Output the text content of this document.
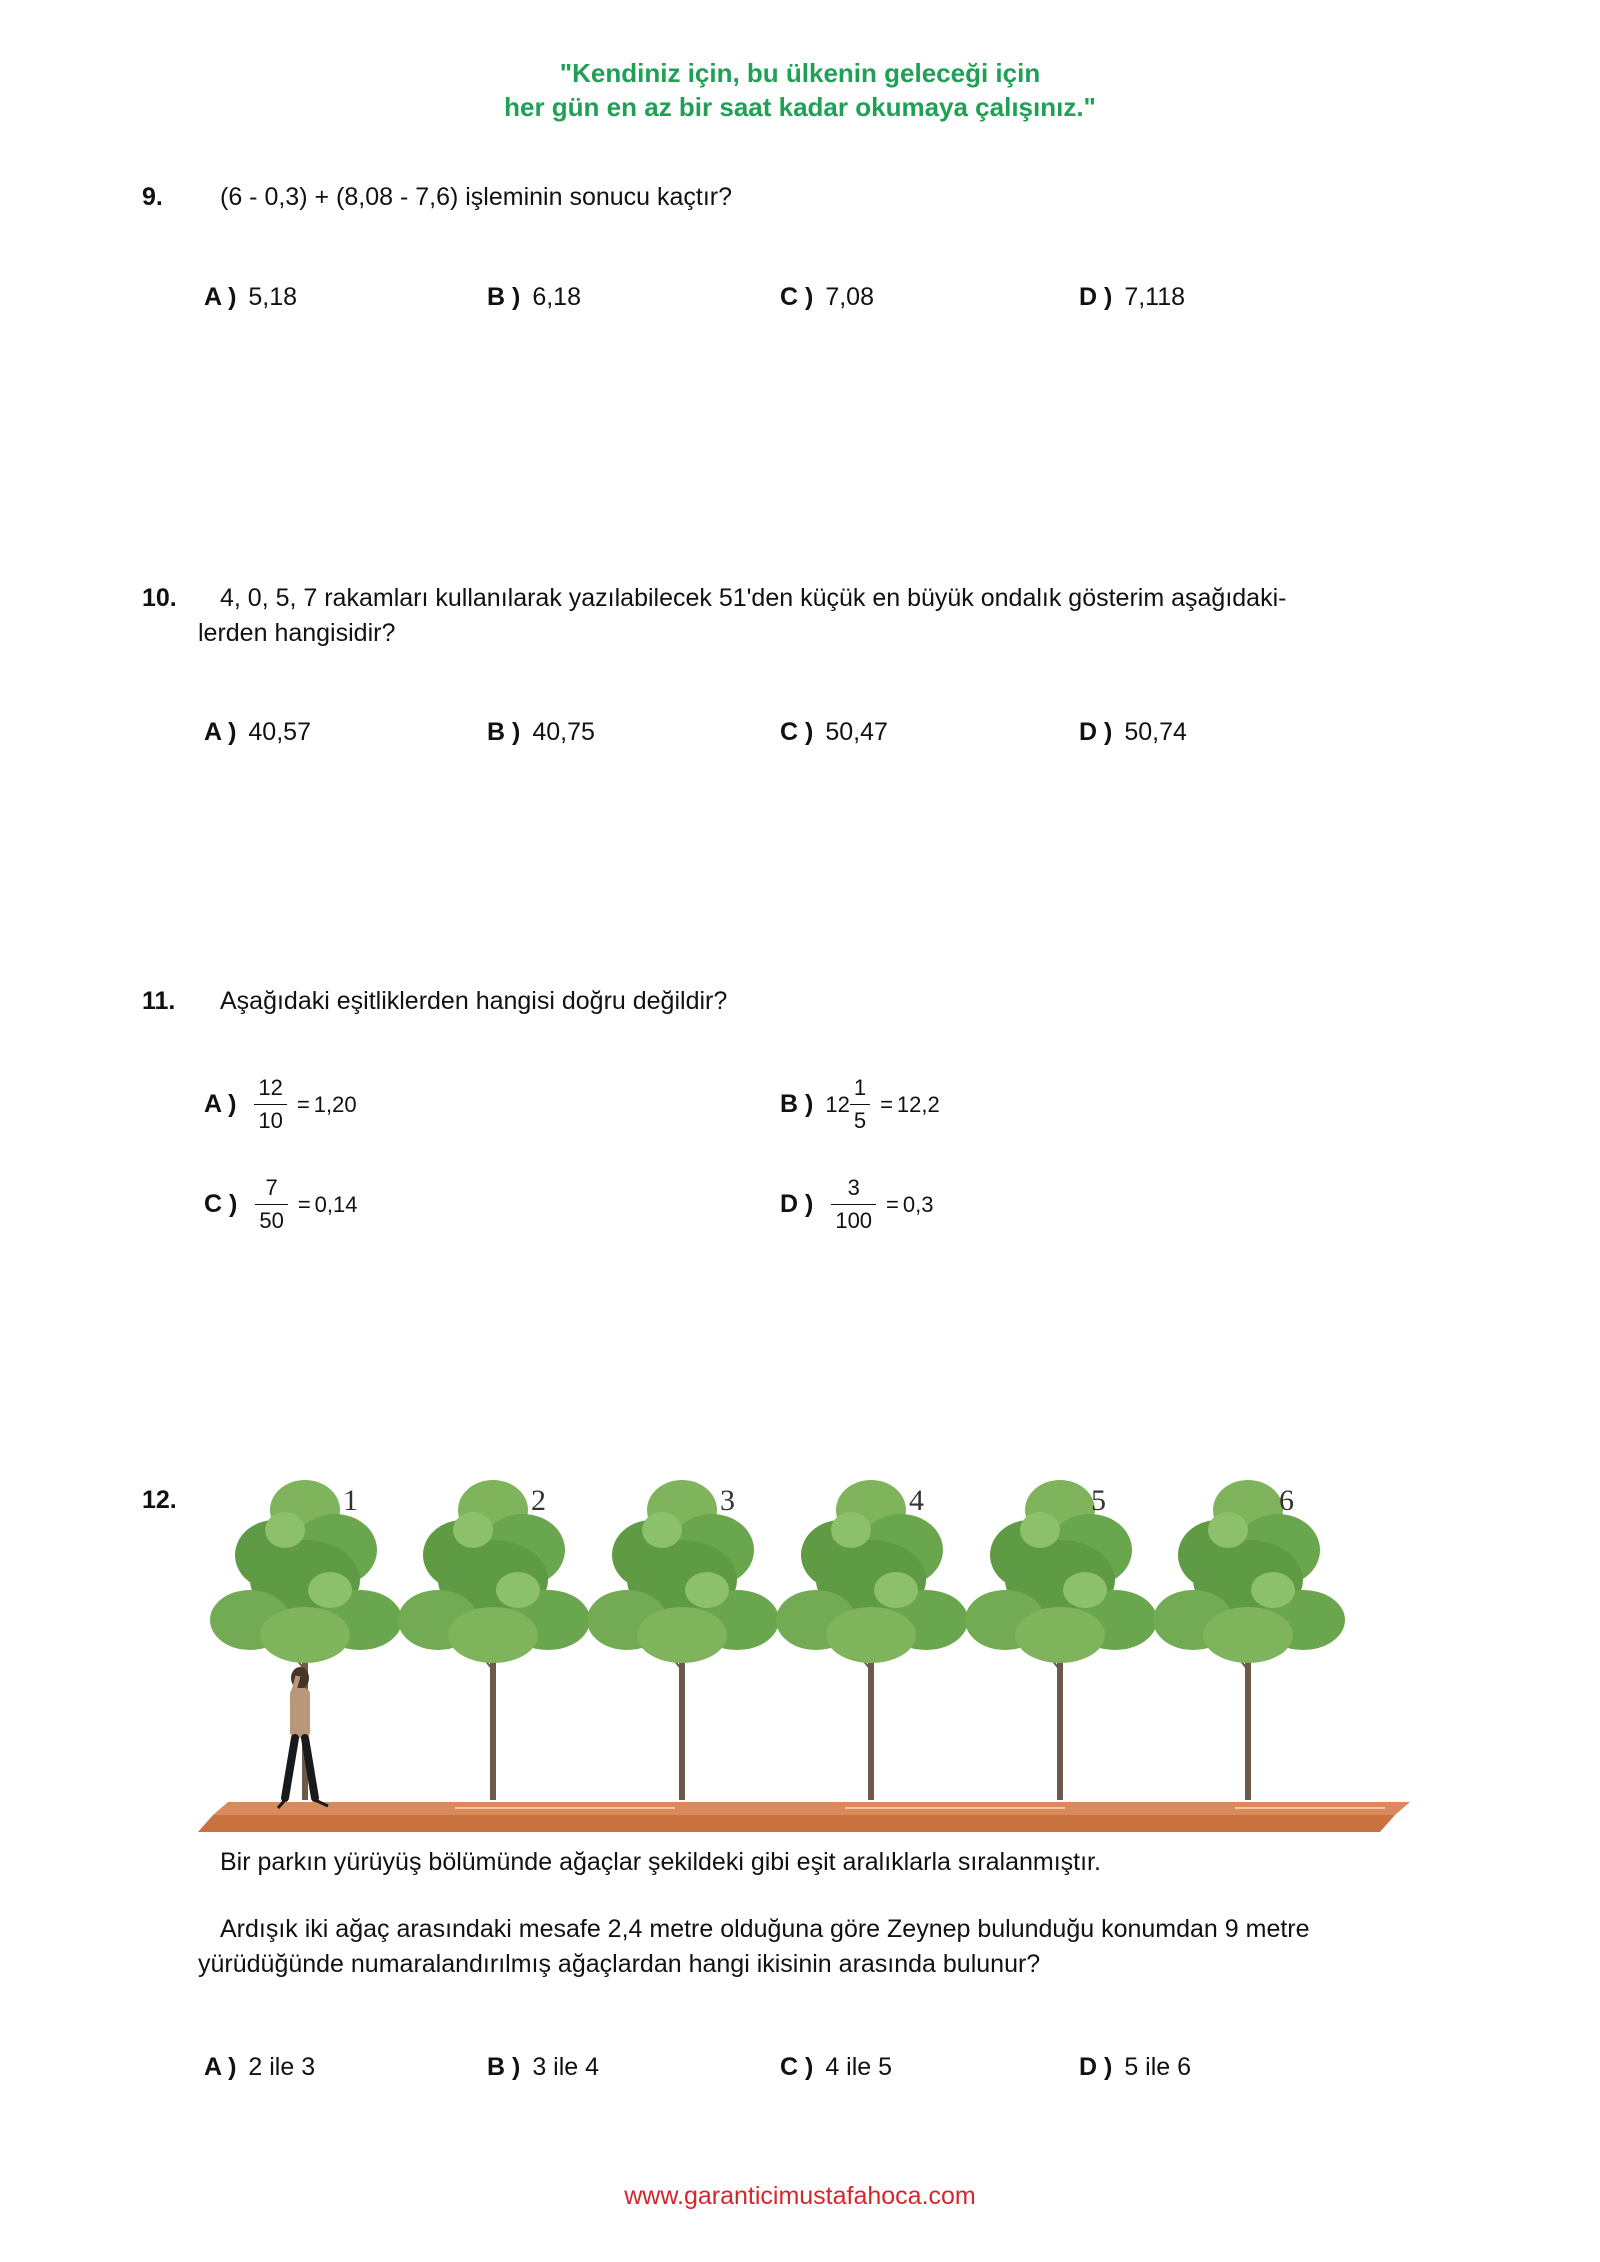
"Kendiniz için, bu ülkenin geleceği için
her gün en az bir saat kadar okumaya çalışınız."
9. (6 - 0,3) + (8,08 - 7,6) işleminin sonucu kaçtır?
A ) 5,18	B ) 6,18	C ) 7,08	D ) 7,118
10. 4, 0, 5, 7 rakamları kullanılarak yazılabilecek 51'den küçük en büyük ondalık gösterim aşağıdaki-
lerden hangisidir?
A ) 40,57	B ) 40,75	C ) 50,47	D ) 50,74
11. Aşağıdaki eşitliklerden hangisi doğru değildir?
A ) $\frac{12}{10} = 1,20$	B ) $12 \frac{1}{5} = 12,2$
C ) $\frac{7}{50} = 0,14$	D ) $\frac{3}{100} = 0,3$
12.	1	2	3	4	5	6
Bir parkın yürüyüş bölümünde ağaçlar şekildeki gibi eşit aralıklarla sıralanmıştır.
Ardışık iki ağaç arasındaki mesafe 2,4 metre olduğuna göre Zeynep bulunduğu konumdan 9 metre
yürüdüğünde numaralandırılmış ağaçlardan hangi ikisinin arasında bulunur?
A ) 2 ile 3	B ) 3 ile 4	C ) 4 ile 5	D ) 5 ile 6
www.garanticimustafahoca.com
